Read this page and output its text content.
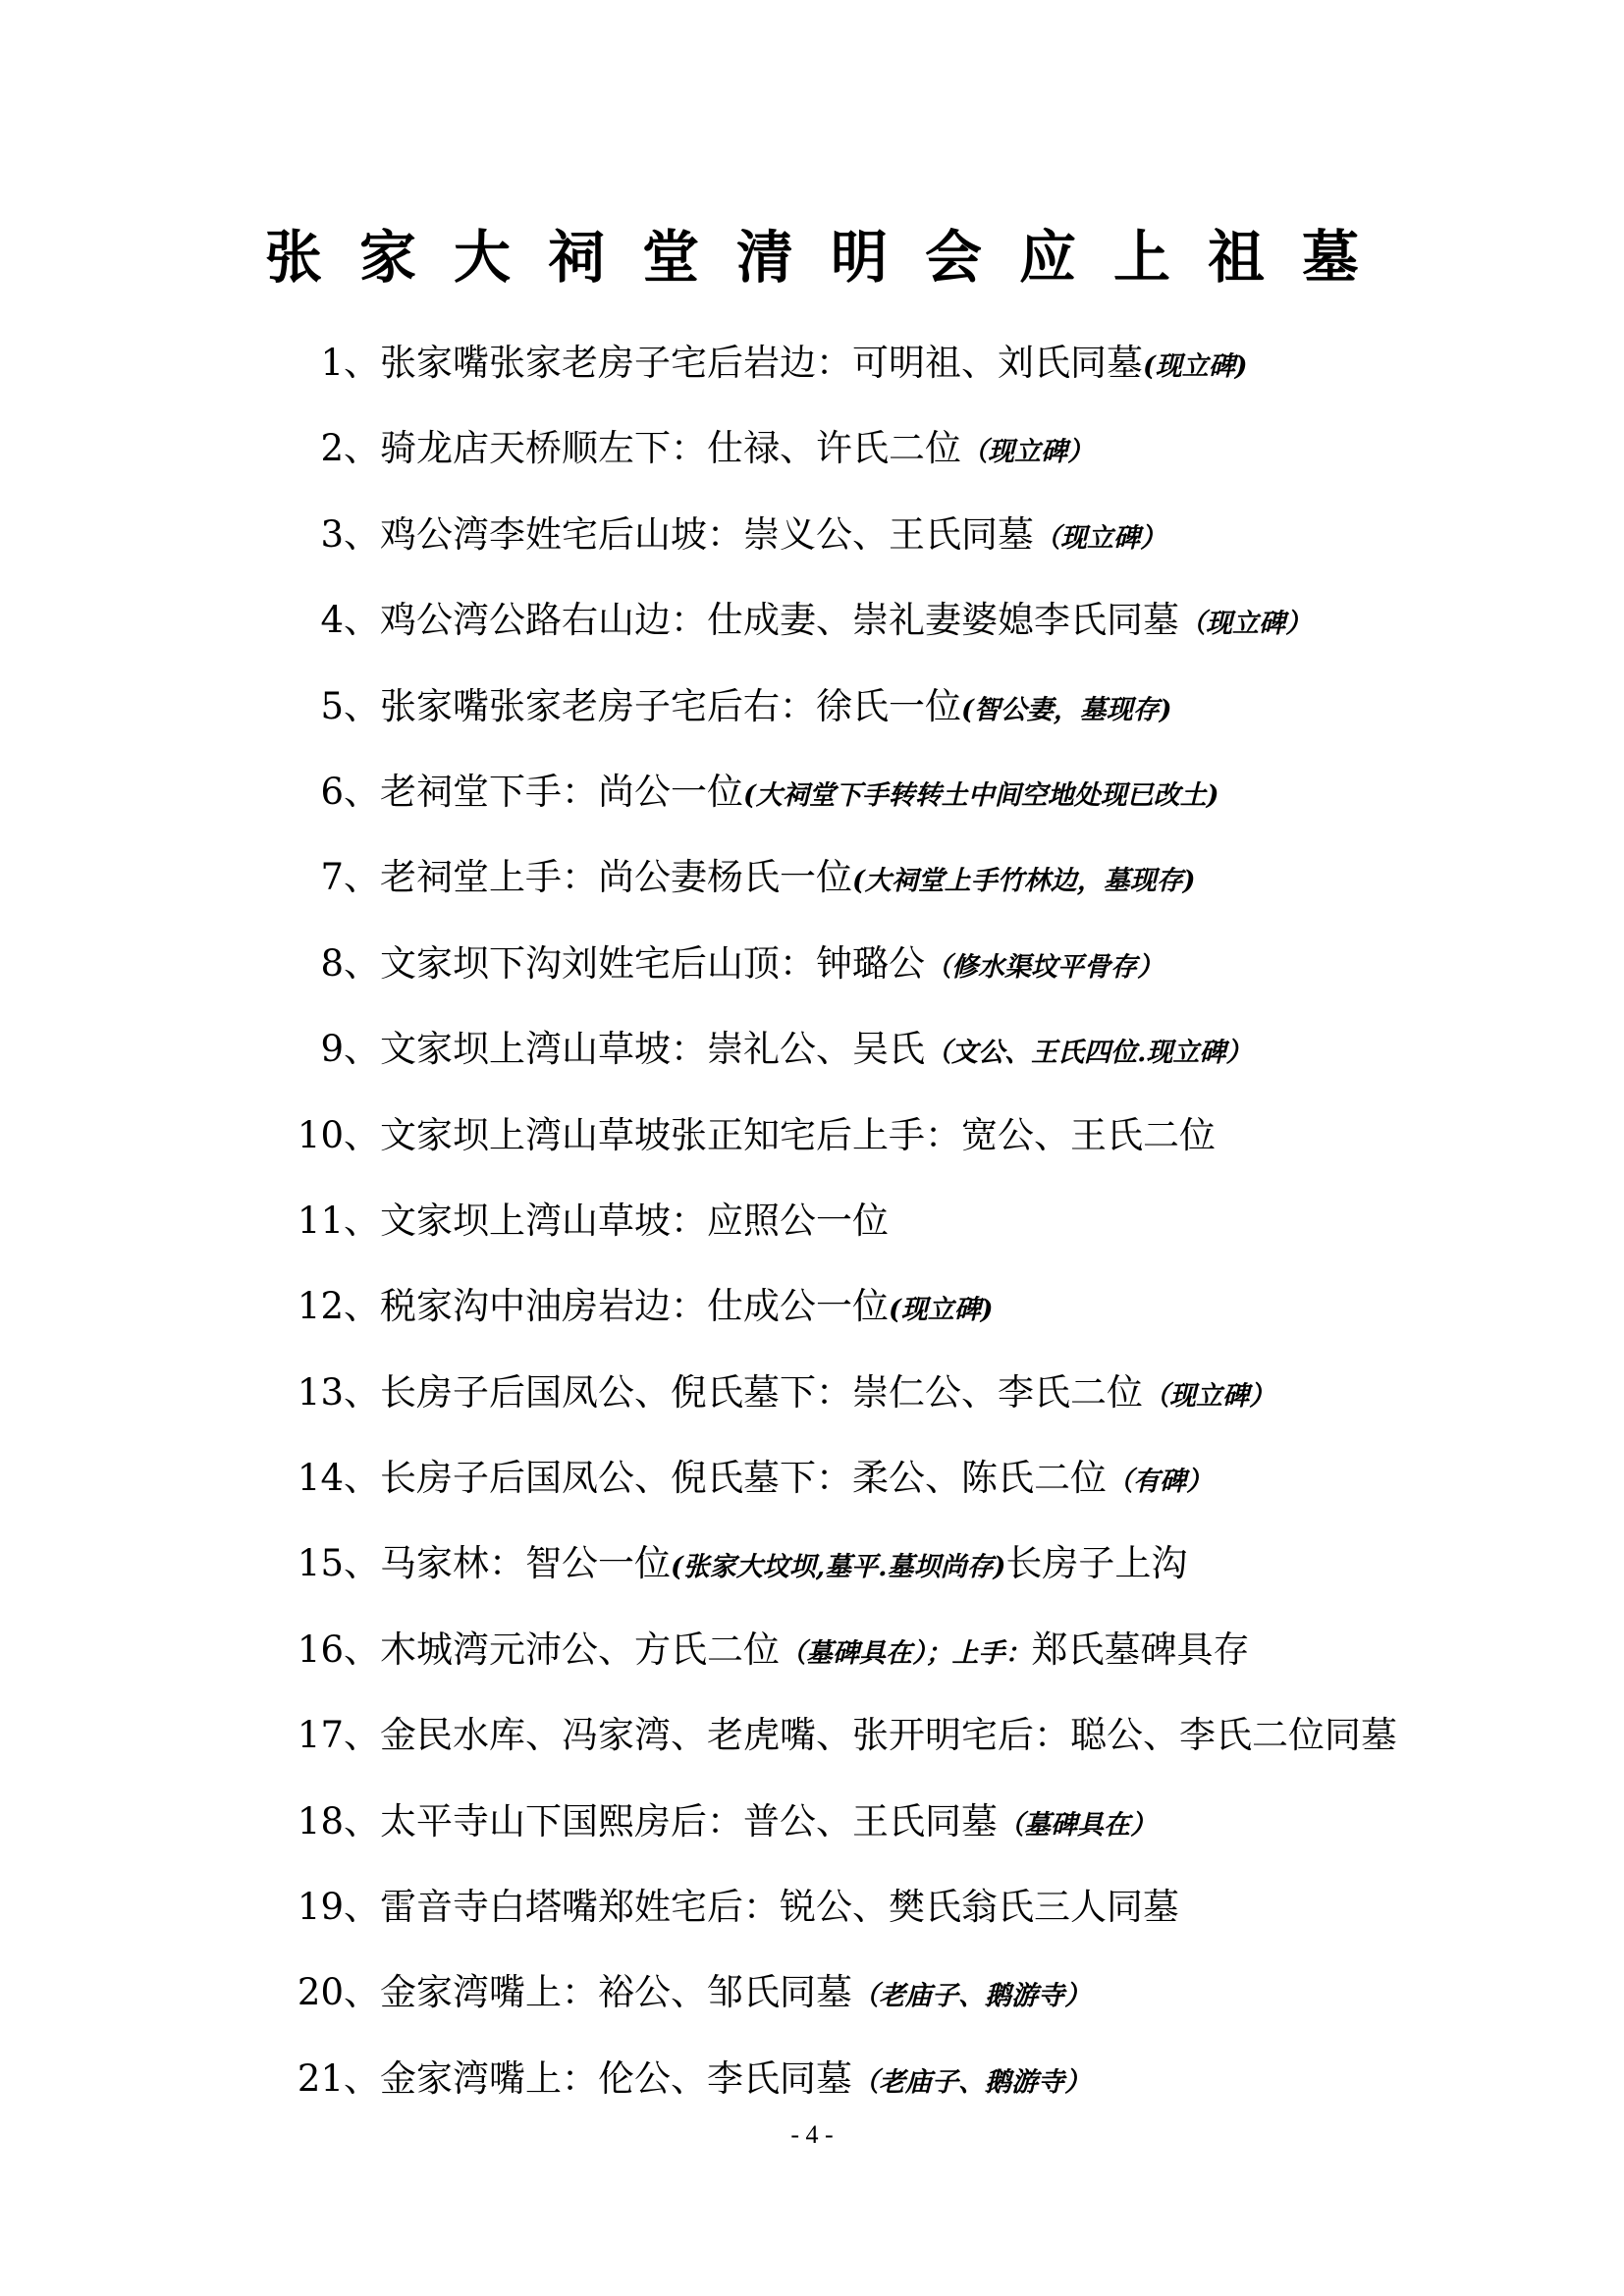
张家大祠堂清明会应上祖墓
1 、 张家嘴张家老房子宅后岩边：可明祖、刘氏同墓 (现立碑)
2 、 骑龙店天桥顺左下：仕禄、许氏二位 （现立碑）
3 、 鸡公湾李姓宅后山坡：崇义公、王氏同墓 （现立碑）
4 、 鸡公湾公路右山边：仕成妻、崇礼妻婆媳李氏同墓 （现立碑）
5 、 张家嘴张家老房子宅后右：徐氏一位 (智公妻，墓现存)
6 、 老祠堂下手：尚公一位 (大祠堂下手转转土中间空地处现已改土)
7 、 老祠堂上手：尚公妻杨氏一位 (大祠堂上手竹林边，墓现存)
8 、 文家坝下沟刘姓宅后山顶：钟璐公 （修水渠坟平骨存）
9 、 文家坝上湾山草坡：崇礼公、吴氏 （文公、王氏四位.现立碑）
10 、 文家坝上湾山草坡张正知宅后上手：宽公、王氏二位
11 、 文家坝上湾山草坡：应照公一位
12 、 税家沟中油房岩边：仕成公一位 (现立碑)
13 、 长房子后国凤公、倪氏墓下：崇仁公、李氏二位 （现立碑）
14 、 长房子后国凤公、倪氏墓下：柔公、陈氏二位 （有碑）
15 、 马家林：智公一位 (张家大坟坝,墓平.墓坝尚存) 长房子上沟
16 、 木城湾元沛公、方氏二位 （墓碑具在）；上手： 郑氏墓碑具存
17 、 金民水库、冯家湾、老虎嘴、张开明宅后：聪公、李氏二位同墓
18 、 太平寺山下国熙房后：普公、王氏同墓 （墓碑具在）
19 、 雷音寺白塔嘴郑姓宅后：锐公、樊氏翁氏三人同墓
20 、 金家湾嘴上：裕公、邹氏同墓 （老庙子、鹅游寺）
21 、 金家湾嘴上：伦公、李氏同墓 （老庙子、鹅游寺）
- 4 -
